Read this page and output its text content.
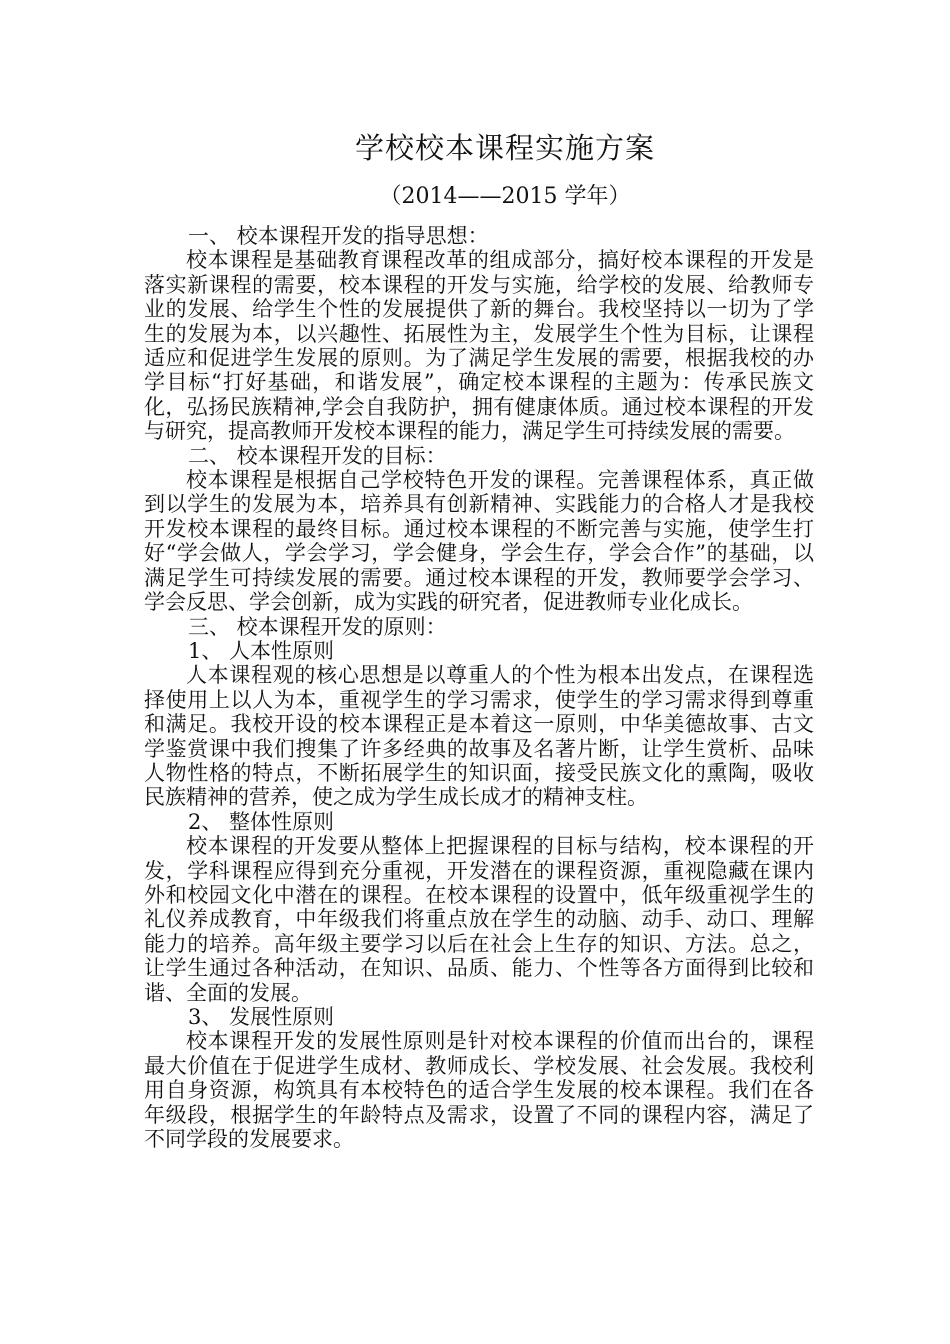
学校校本课程实施方案
（2014——2015 学年）

一、 校本课程开发的指导思想：

校本课程是基础教育课程改革的组成部分，搞好校本课程的开发是落实新课程的需要，校本课程的开发与实施，给学校的发展、给教师专业的发展、给学生个性的发展提供了新的舞台。我校坚持以一切为了学生的发展为本，以兴趣性、拓展性为主，发展学生个性为目标，让课程适应和促进学生发展的原则。为了满足学生发展的需要，根据我校的办学目标“打好基础，和谐发展”，确定校本课程的主题为：传承民族文化，弘扬民族精神,学会自我防护，拥有健康体质。通过校本课程的开发与研究，提高教师开发校本课程的能力，满足学生可持续发展的需要。

二、 校本课程开发的目标：

校本课程是根据自己学校特色开发的课程。完善课程体系，真正做到以学生的发展为本，培养具有创新精神、实践能力的合格人才是我校开发校本课程的最终目标。通过校本课程的不断完善与实施，使学生打好“学会做人，学会学习，学会健身，学会生存，学会合作”的基础，以满足学生可持续发展的需要。通过校本课程的开发，教师要学会学习、学会反思、学会创新，成为实践的研究者，促进教师专业化成长。

三、 校本课程开发的原则：

1、 人本性原则

人本课程观的核心思想是以尊重人的个性为根本出发点，在课程选择使用上以人为本，重视学生的学习需求，使学生的学习需求得到尊重和满足。我校开设的校本课程正是本着这一原则，中华美德故事、古文学鉴赏课中我们搜集了许多经典的故事及名著片断，让学生赏析、品味人物性格的特点，不断拓展学生的知识面，接受民族文化的熏陶，吸收民族精神的营养，使之成为学生成长成才的精神支柱。

2、 整体性原则

校本课程的开发要从整体上把握课程的目标与结构，校本课程的开发，学科课程应得到充分重视，开发潜在的课程资源，重视隐藏在课内外和校园文化中潜在的课程。在校本课程的设置中，低年级重视学生的礼仪养成教育，中年级我们将重点放在学生的动脑、动手、动口、理解能力的培养。高年级主要学习以后在社会上生存的知识、方法。总之，让学生通过各种活动，在知识、品质、能力、个性等各方面得到比较和谐、全面的发展。

3、 发展性原则

校本课程开发的发展性原则是针对校本课程的价值而出台的，课程最大价值在于促进学生成材、教师成长、学校发展、社会发展。我校利用自身资源，构筑具有本校特色的适合学生发展的校本课程。我们在各年级段，根据学生的年龄特点及需求，设置了不同的课程内容，满足了不同学段的发展要求。
